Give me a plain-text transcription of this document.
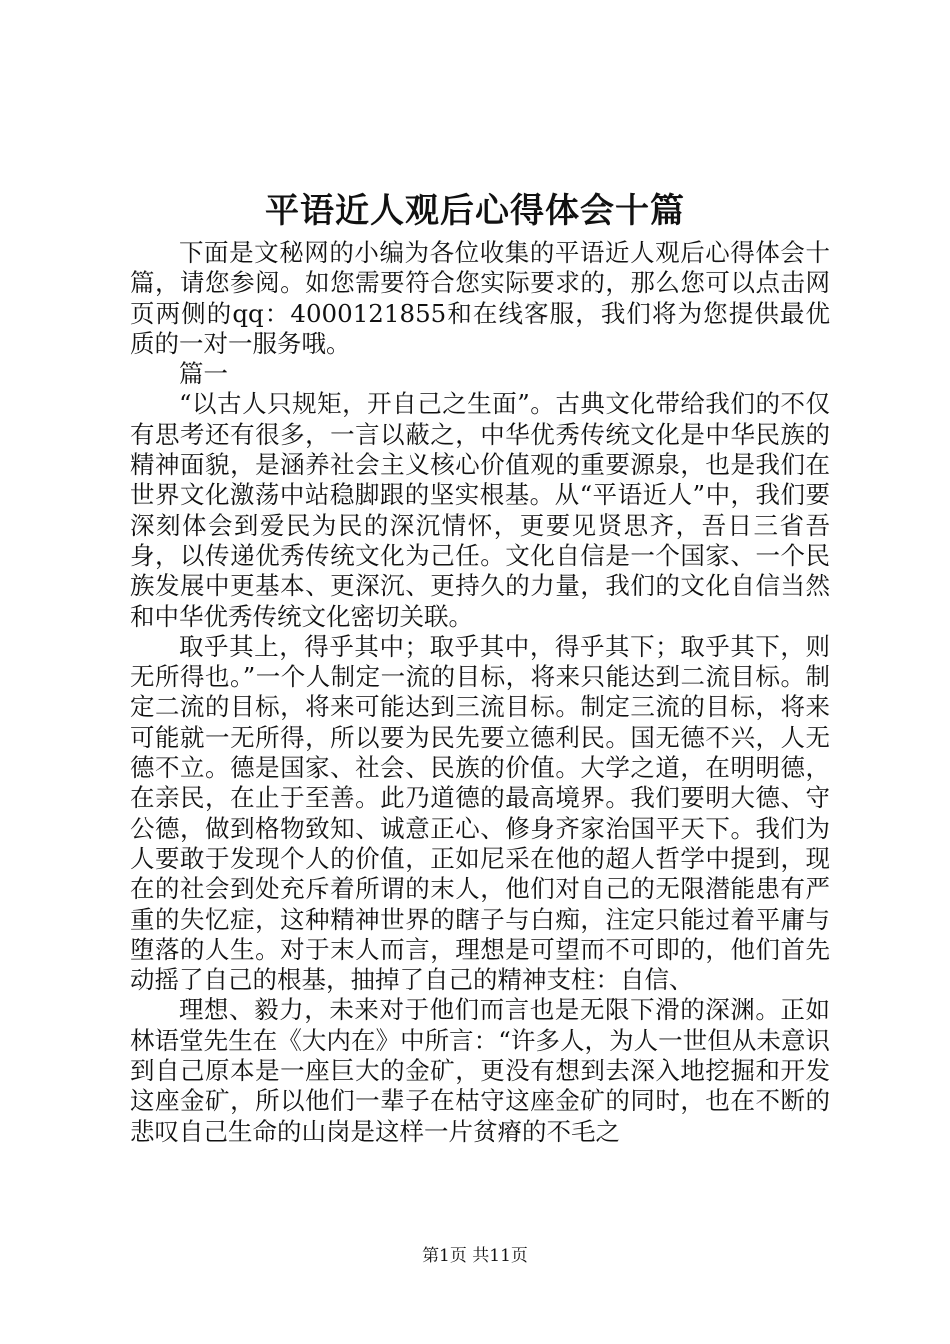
平语近人观后心得体会十篇

下面是文秘网的小编为各位收集的平语近人观后心得体会十篇，请您参阅。如您需要符合您实际要求的，那么您可以点击网页两侧的qq：4000121855和在线客服，我们将为您提供最优质的一对一服务哦。

篇一

“以古人只规矩，开自己之生面”。古典文化带给我们的不仅有思考还有很多，一言以蔽之，中华优秀传统文化是中华民族的精神面貌，是涵养社会主义核心价值观的重要源泉，也是我们在世界文化激荡中站稳脚跟的坚实根基。从“平语近人”中，我们要深刻体会到爱民为民的深沉情怀，更要见贤思齐，吾日三省吾身，以传递优秀传统文化为己任。文化自信是一个国家、一个民族发展中更基本、更深沉、更持久的力量，我们的文化自信当然和中华优秀传统文化密切关联。

取乎其上，得乎其中；取乎其中，得乎其下；取乎其下，则无所得也。”一个人制定一流的目标，将来只能达到二流目标。制定二流的目标，将来可能达到三流目标。制定三流的目标，将来可能就一无所得，所以要为民先要立德利民。国无德不兴，人无德不立。德是国家、社会、民族的价值。大学之道，在明明德，在亲民，在止于至善。此乃道德的最高境界。我们要明大德、守公德，做到格物致知、诚意正心、修身齐家治国平天下。我们为人要敢于发现个人的价值，正如尼采在他的超人哲学中提到，现在的社会到处充斥着所谓的末人，他们对自己的无限潜能患有严重的失忆症，这种精神世界的瞎子与白痴，注定只能过着平庸与堕落的人生。对于末人而言，理想是可望而不可即的，他们首先动摇了自己的根基，抽掉了自己的精神支柱：自信、

理想、毅力，未来对于他们而言也是无限下滑的深渊。正如林语堂先生在《大内在》中所言：“许多人，为人一世但从未意识到自己原本是一座巨大的金矿，更没有想到去深入地挖掘和开发这座金矿，所以他们一辈子在枯守这座金矿的同时，也在不断的悲叹自己生命的山岗是这样一片贫瘠的不毛之

第1页 共11页
